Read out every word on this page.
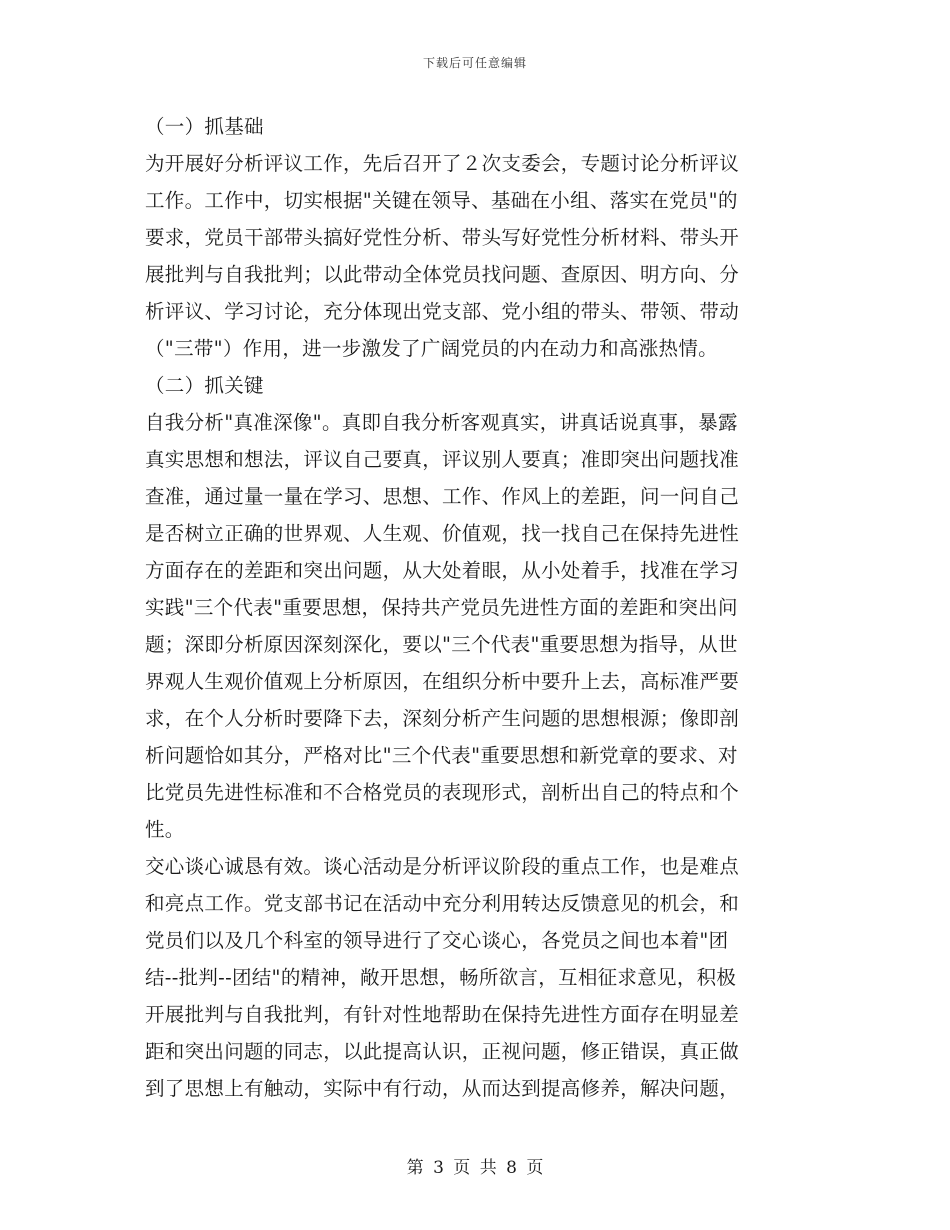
下载后可任意编辑
（一）抓基础
为开展好分析评议工作，先后召开了２次支委会，专题讨论分析评议
工作。工作中，切实根据"关键在领导、基础在小组、落实在党员"的
要求，党员干部带头搞好党性分析、带头写好党性分析材料、带头开
展批判与自我批判；以此带动全体党员找问题、查原因、明方向、分
析评议、学习讨论，充分体现出党支部、党小组的带头、带领、带动
（"三带"）作用，进一步激发了广阔党员的内在动力和高涨热情。
（二）抓关键
自我分析"真准深像"。真即自我分析客观真实，讲真话说真事，暴露
真实思想和想法，评议自己要真，评议别人要真；准即突出问题找准
查准，通过量一量在学习、思想、工作、作风上的差距，问一问自己
是否树立正确的世界观、人生观、价值观，找一找自己在保持先进性
方面存在的差距和突出问题，从大处着眼，从小处着手，找准在学习
实践"三个代表"重要思想，保持共产党员先进性方面的差距和突出问
题；深即分析原因深刻深化，要以"三个代表"重要思想为指导，从世
界观人生观价值观上分析原因，在组织分析中要升上去，高标准严要
求，在个人分析时要降下去，深刻分析产生问题的思想根源；像即剖
析问题恰如其分，严格对比"三个代表"重要思想和新党章的要求、对
比党员先进性标准和不合格党员的表现形式，剖析出自己的特点和个
性。
交心谈心诚恳有效。谈心活动是分析评议阶段的重点工作，也是难点
和亮点工作。党支部书记在活动中充分利用转达反馈意见的机会，和
党员们以及几个科室的领导进行了交心谈心，各党员之间也本着"团
结--批判--团结"的精神，敞开思想，畅所欲言，互相征求意见，积极
开展批判与自我批判，有针对性地帮助在保持先进性方面存在明显差
距和突出问题的同志，以此提高认识，正视问题，修正错误，真正做
到了思想上有触动，实际中有行动，从而达到提高修养，解决问题，
第 3 页 共 8 页
